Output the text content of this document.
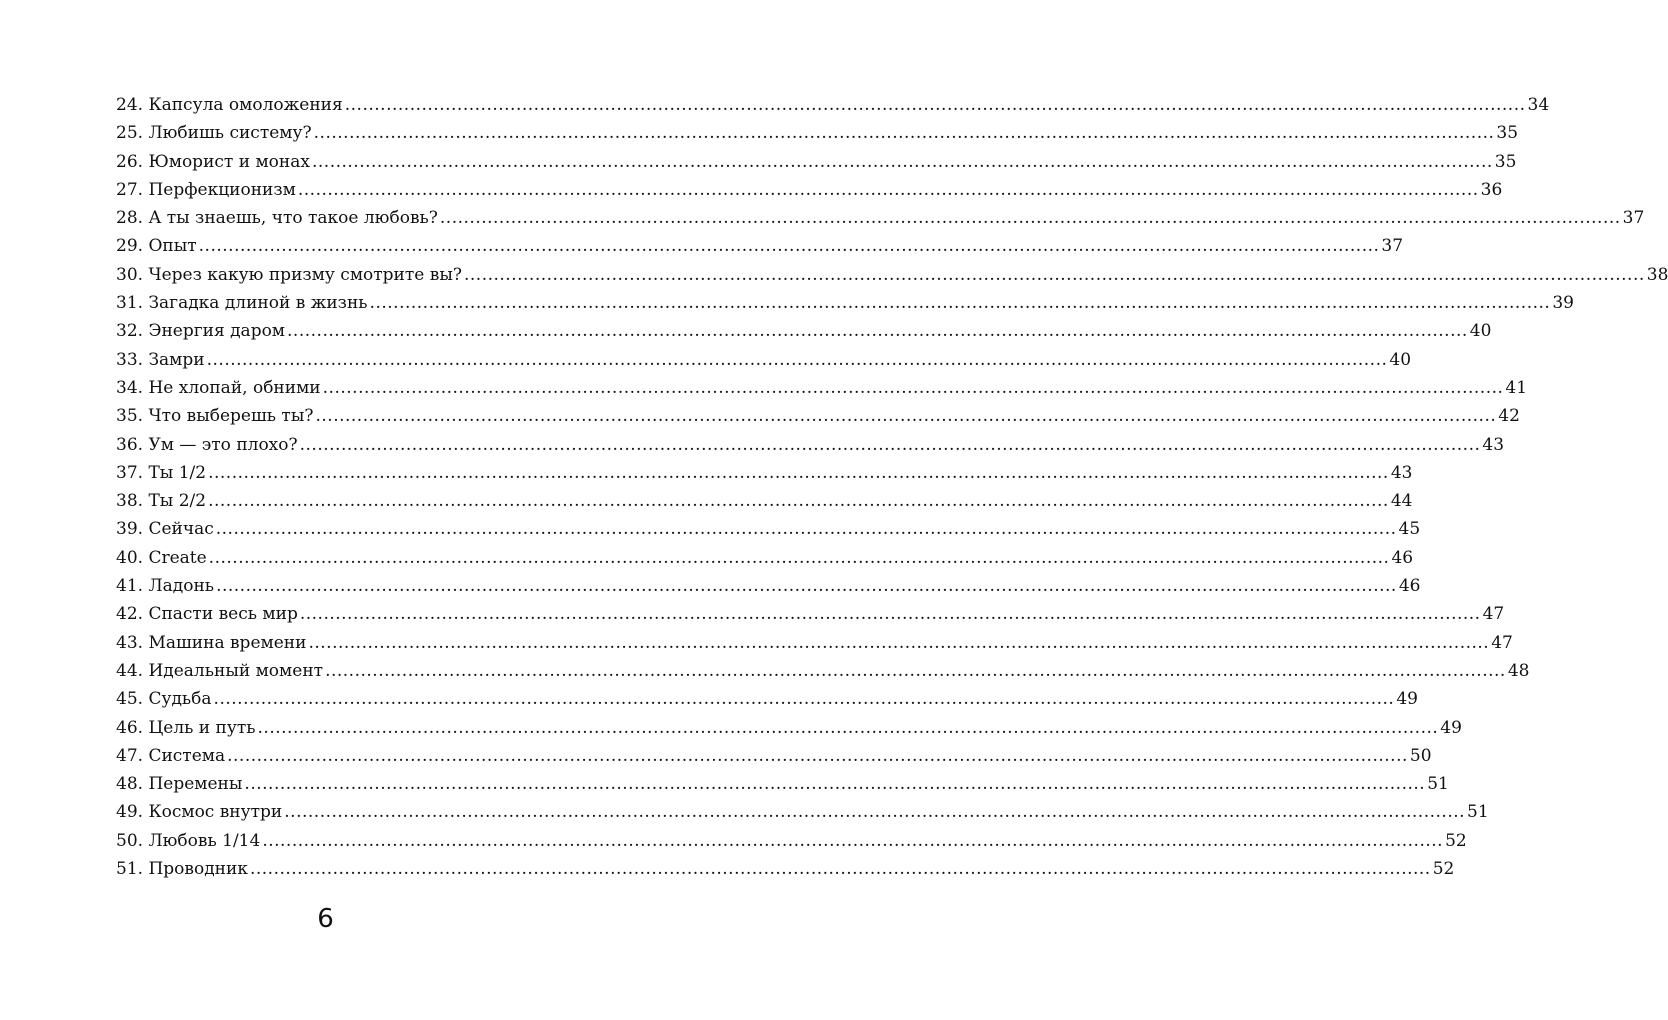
24. Капсула омоложения ........................................................................................................................................................................................................ 34
25. Любишь систему? ........................................................................................................................................................................................................ 35
26. Юморист и монах ........................................................................................................................................................................................................ 35
27. Перфекционизм ........................................................................................................................................................................................................ 36
28. А ты знаешь, что такое любовь? ........................................................................................................................................................................................................ 37
29. Опыт ........................................................................................................................................................................................................ 37
30. Через какую призму смотрите вы? ........................................................................................................................................................................................................ 38
31. Загадка длиной в жизнь ........................................................................................................................................................................................................ 39
32. Энергия даром ........................................................................................................................................................................................................ 40
33. Замри ........................................................................................................................................................................................................ 40
34. Не хлопай, обними ........................................................................................................................................................................................................ 41
35. Что выберешь ты? ........................................................................................................................................................................................................ 42
36. Ум — это плохо? ........................................................................................................................................................................................................ 43
37. Ты 1/2 ........................................................................................................................................................................................................ 43
38. Ты 2/2 ........................................................................................................................................................................................................ 44
39. Сейчас ........................................................................................................................................................................................................ 45
40. Create ........................................................................................................................................................................................................ 46
41. Ладонь ........................................................................................................................................................................................................ 46
42. Спасти весь мир ........................................................................................................................................................................................................ 47
43. Машина времени ........................................................................................................................................................................................................ 47
44. Идеальный момент ........................................................................................................................................................................................................ 48
45. Судьба ........................................................................................................................................................................................................ 49
46. Цель и путь ........................................................................................................................................................................................................ 49
47. Система ........................................................................................................................................................................................................ 50
48. Перемены ........................................................................................................................................................................................................ 51
49. Космос внутри ........................................................................................................................................................................................................ 51
50. Любовь 1/14 ........................................................................................................................................................................................................ 52
51. Проводник ........................................................................................................................................................................................................ 52
6
